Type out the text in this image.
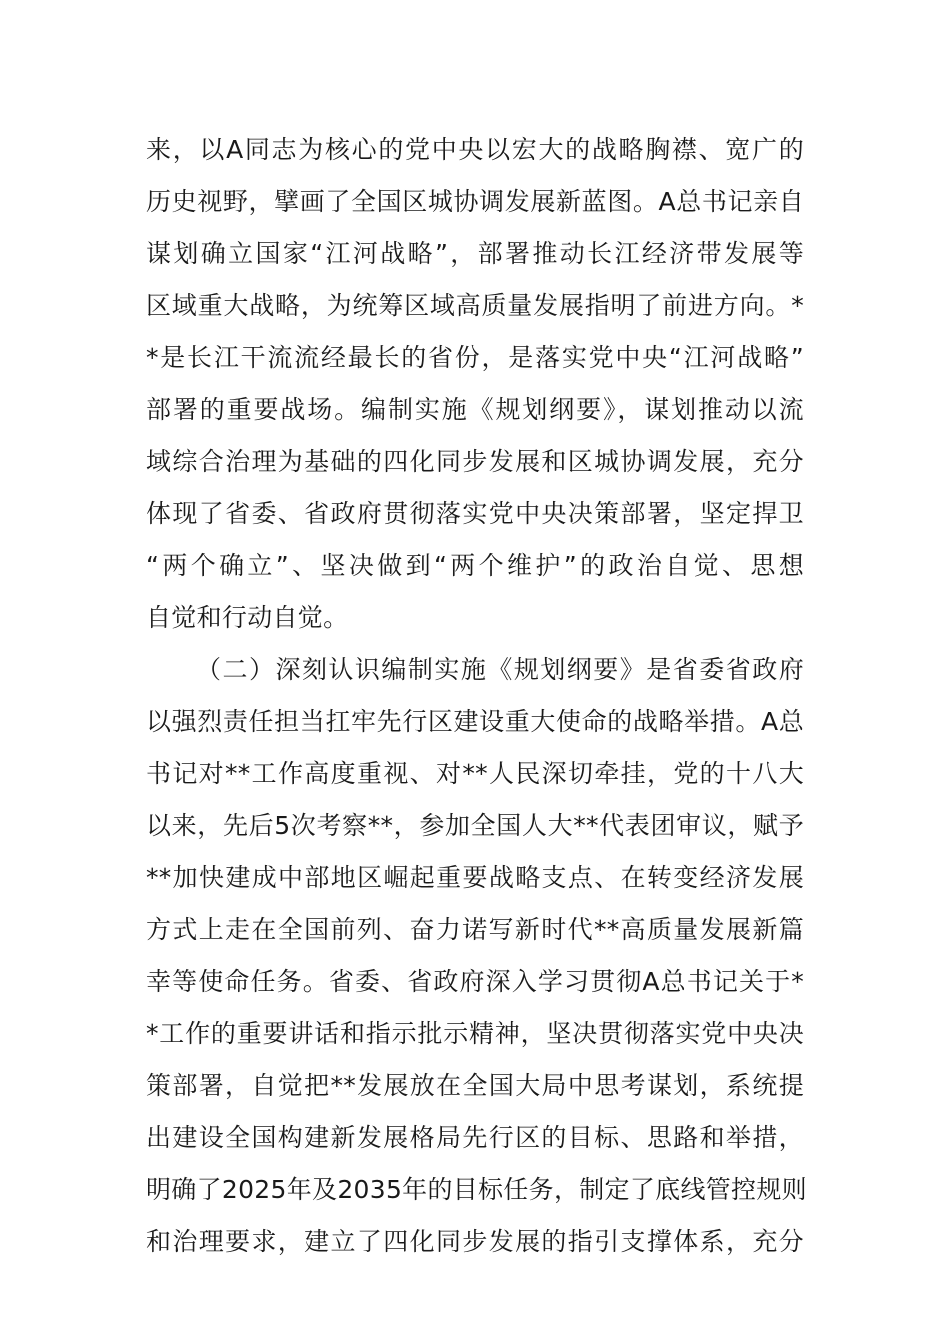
来，以A同志为核心的党中央以宏大的战略胸襟、宽广的
历史视野，擘画了全国区城协调发展新蓝图。A总书记亲自
谋划确立国家“江河战略”，部署推动长江经济带发展等
区域重大战略，为统筹区域高质量发展指明了前进方向。*
*是长江干流流经最长的省份，是落实党中央“江河战略”
部署的重要战场。编制实施《规划纲要》，谋划推动以流
域综合治理为基础的四化同步发展和区城协调发展，充分
体现了省委、省政府贯彻落实党中央决策部署，坚定捍卫
“两个确立”、坚决做到“两个维护”的政治自觉、思想
自觉和行动自觉。
（二）深刻认识编制实施《规划纲要》是省委省政府
以强烈责任担当扛牢先行区建设重大使命的战略举措。A总
书记对**工作高度重视、对**人民深切牵挂，党的十八大
以来，先后5次考察**，参加全国人大**代表团审议，赋予
**加快建成中部地区崛起重要战略支点、在转变经济发展
方式上走在全国前列、奋力诺写新时代**高质量发展新篇
幸等使命任务。省委、省政府深入学习贯彻A总书记关于*
*工作的重要讲话和指示批示精神，坚决贯彻落实党中央决
策部署，自觉把**发展放在全国大局中思考谋划，系统提
出建设全国构建新发展格局先行区的目标、思路和举措，
明确了2025年及2035年的目标任务，制定了底线管控规则
和治理要求，建立了四化同步发展的指引支撑体系，充分
